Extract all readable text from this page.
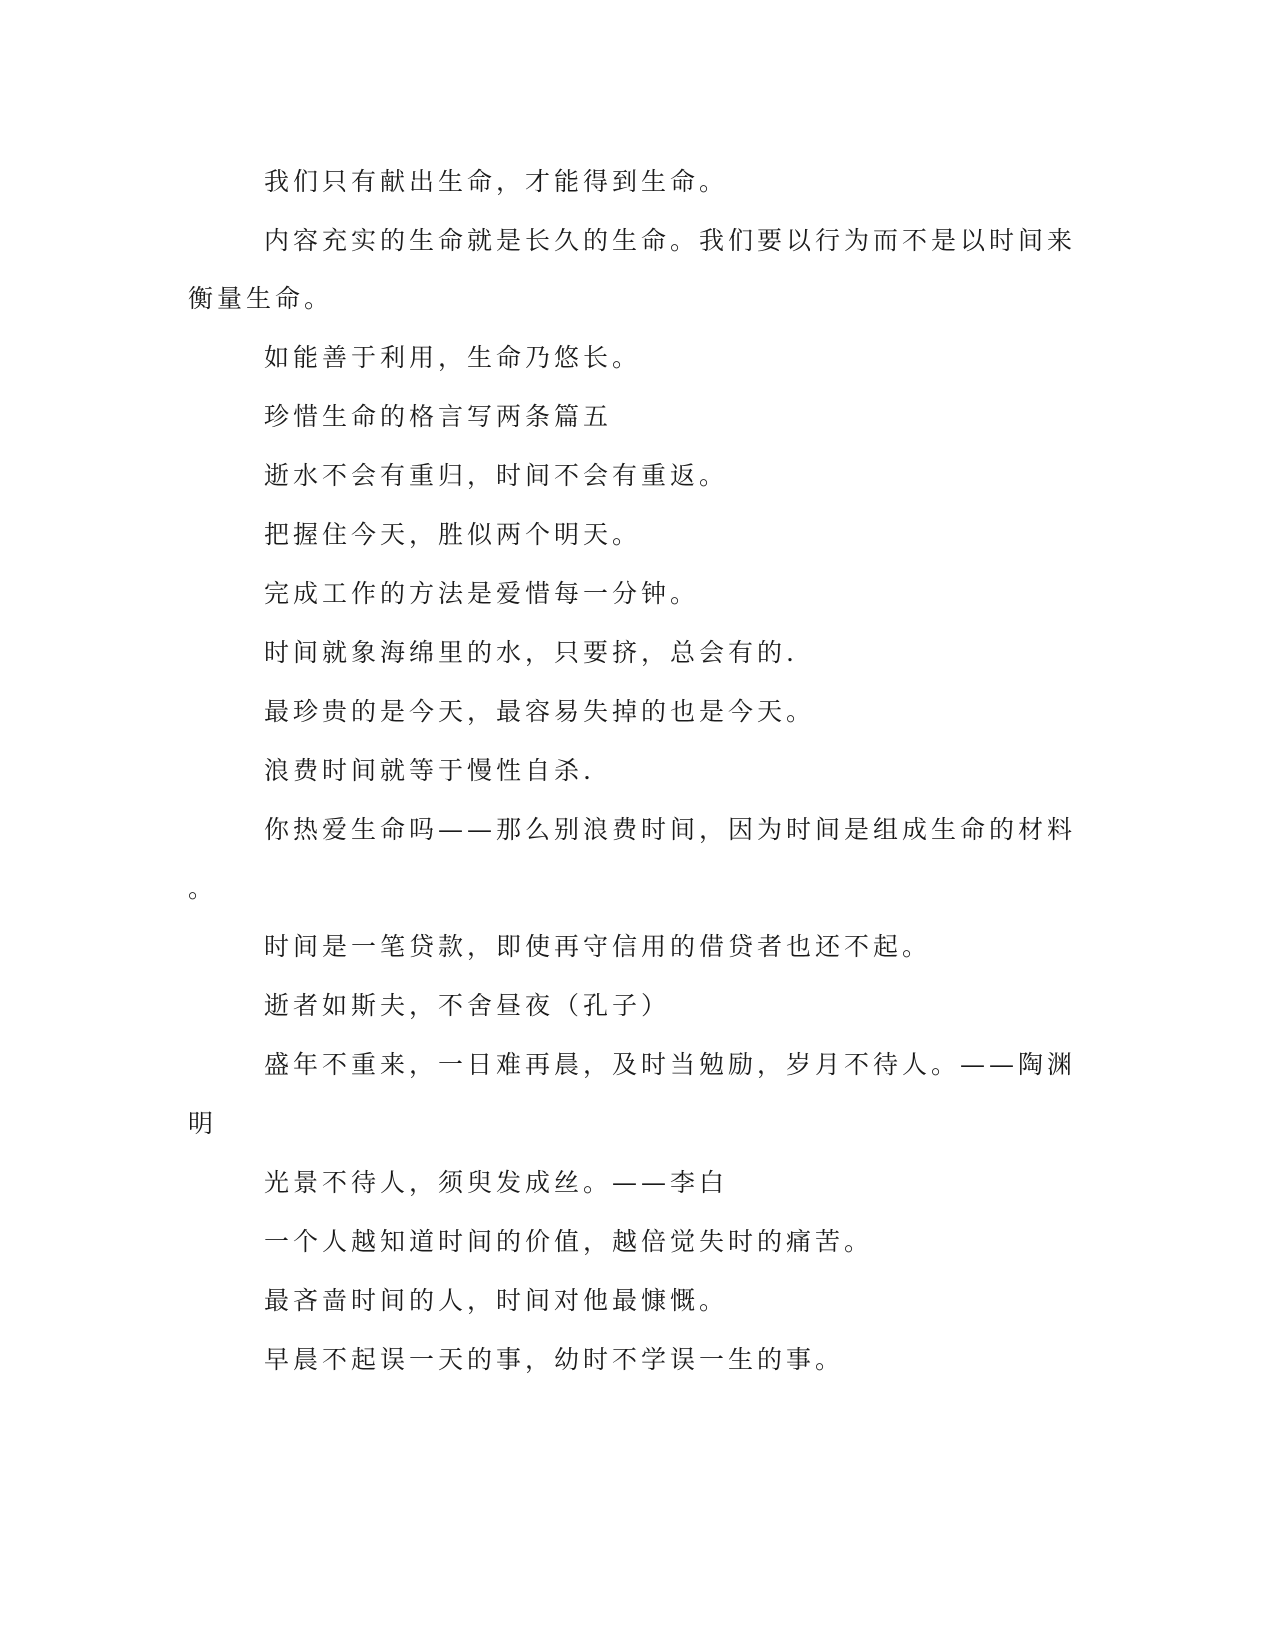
我们只有献出生命，才能得到生命。
内容充实的生命就是长久的生命。我们要以行为而不是以时间来
衡量生命。
如能善于利用，生命乃悠长。
珍惜生命的格言写两条篇五
逝水不会有重归，时间不会有重返。
把握住今天，胜似两个明天。
完成工作的方法是爱惜每一分钟。
时间就象海绵里的水，只要挤，总会有的.
最珍贵的是今天，最容易失掉的也是今天。
浪费时间就等于慢性自杀.
你热爱生命吗——那么别浪费时间，因为时间是组成生命的材料
。
时间是一笔贷款，即使再守信用的借贷者也还不起。
逝者如斯夫，不舍昼夜（孔子）
盛年不重来，一日难再晨，及时当勉励，岁月不待人。——陶渊
明
光景不待人，须臾发成丝。——李白
一个人越知道时间的价值，越倍觉失时的痛苦。
最吝啬时间的人，时间对他最慷慨。
早晨不起误一天的事，幼时不学误一生的事。
